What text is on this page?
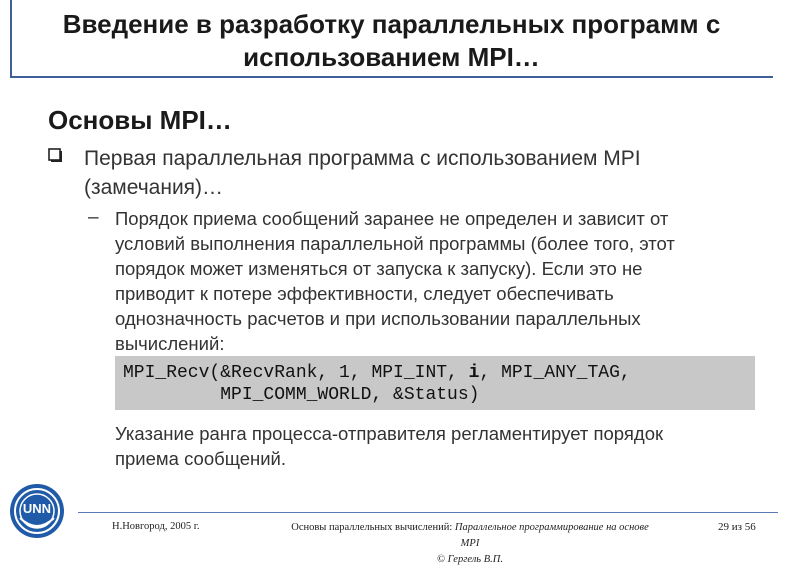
Введение в разработку параллельных программ с
использованием MPI…
Основы MPI…
Первая параллельная программа с использованием MPI
(замечания)…
– Порядок приема сообщений заранее не определен и зависит от
условий выполнения параллельной программы (более того, этот
порядок может изменяться от запуска к запуску). Если это не
приводит к потере эффективности, следует обеспечивать
однозначность расчетов и при использовании параллельных
вычислений:
MPI_Recv(&RecvRank, 1, MPI_INT, i, MPI_ANY_TAG,
MPI_COMM_WORLD, &Status)
Указание ранга процесса-отправителя регламентирует порядок
приема сообщений.
UNN
Н.Новгород, 2005 г.	Основы параллельных вычислений: Параллельное программирование на основе
MPI
© Гергель В.П.
29 из 56
